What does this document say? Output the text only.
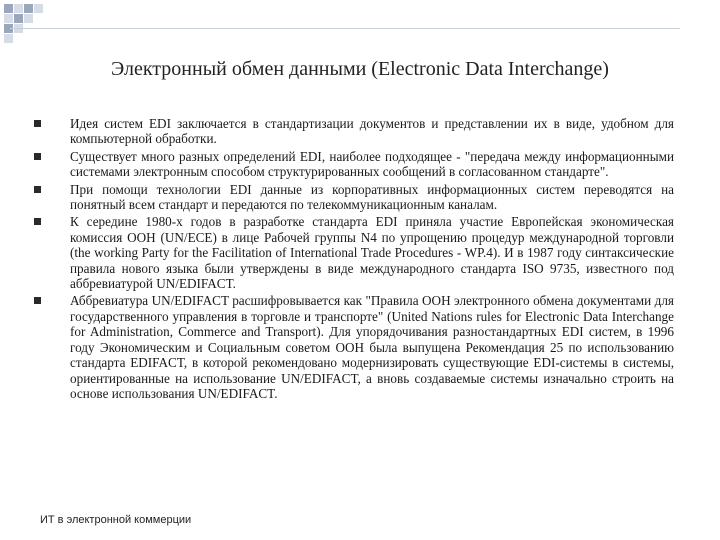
Электронный обмен данными (Electronic Data Interchange)
Идея систем EDI заключается в стандартизации документов и представлении их в виде, удобном для компьютерной обработки.
Существует много разных определений EDI, наиболее подходящее - "передача между информационными системами электронным способом структурированных сообщений в согласованном стандарте".
При помощи технологии EDI данные из корпоративных информационных систем переводятся на понятный всем стандарт и передаются по телекоммуникационным каналам.
К середине 1980-х годов в разработке стандарта EDI приняла участие Европейская экономическая комиссия ООН (UN/ECE) в лице Рабочей группы N4 по упрощению процедур международной торговли (the working Party for the Facilitation of International Trade Procedures - WP.4). И в 1987 году синтаксические правила нового языка были утверждены в виде международного стандарта ISO 9735, известного под аббревиатурой UN/EDIFACT.
Аббревиатура UN/EDIFACT расшифровывается как "Правила ООН электронного обмена документами для государственного управления в торговле и транспорте" (United Nations rules for Electronic Data Interchange for Administration, Commerce and Transport). Для упорядочивания разностандартных EDI систем, в 1996 году Экономическим и Социальным советом ООН была выпущена Рекомендация 25 по использованию стандарта EDIFACT, в которой рекомендовано модернизировать существующие EDI-системы в системы, ориентированные на использование UN/EDIFACT, а вновь создаваемые системы изначально строить на основе использования UN/EDIFACT.
ИТ в электронной коммерции
